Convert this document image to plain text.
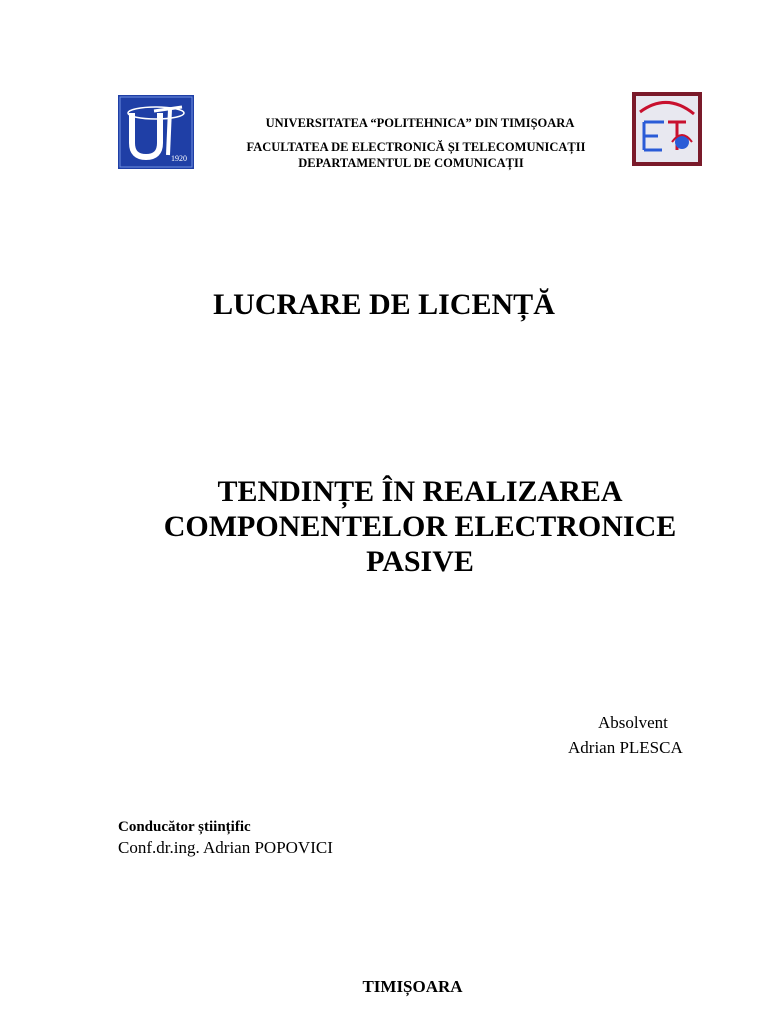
1920
UNIVERSITATEA “POLITEHNICA” DIN TIMIȘOARA
FACULTATEA DE ELECTRONICĂ ȘI TELECOMUNICAȚII
DEPARTAMENTUL DE COMUNICAȚII
LUCRARE DE LICENȚĂ
TENDINȚE ÎN REALIZAREA
COMPONENTELOR ELECTRONICE
PASIVE
Absolvent
Adrian PLESCA
Conducător științific
Conf.dr.ing. Adrian POPOVICI
TIMIȘOARA
